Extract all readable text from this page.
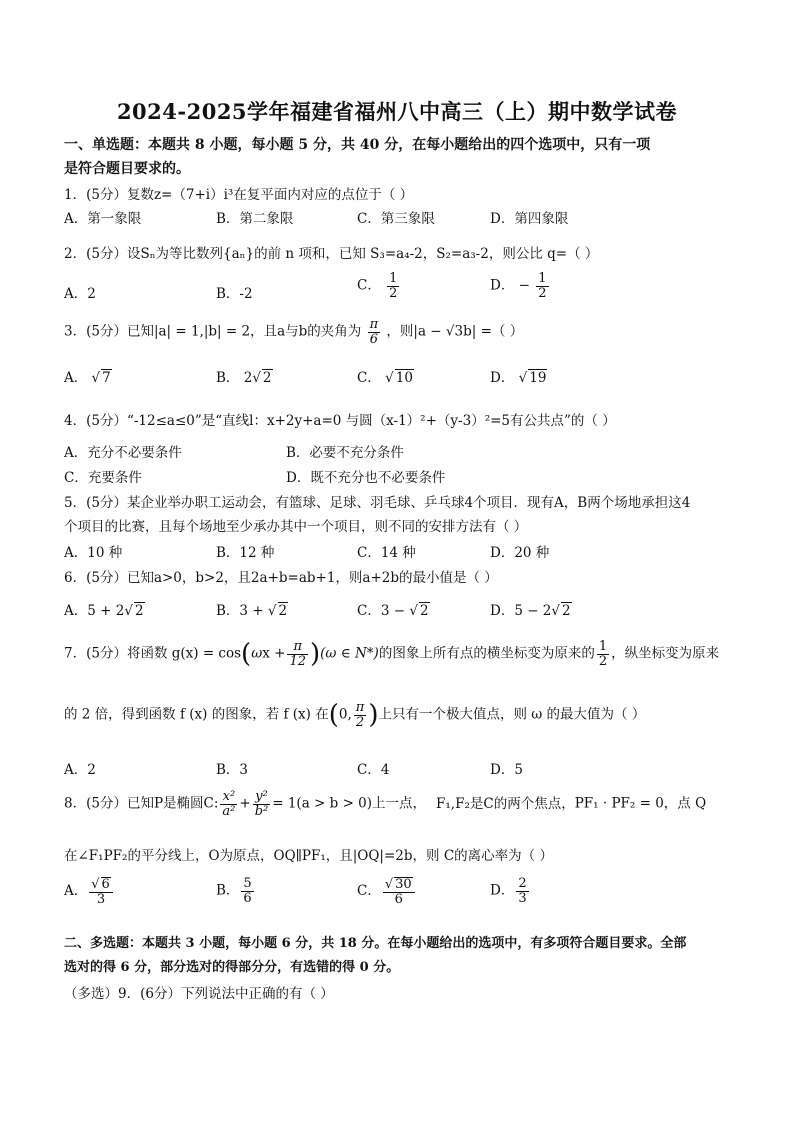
2024-2025学年福建省福州八中高三（上）期中数学试卷
一、单选题：本题共 8 小题，每小题 5 分，共 40 分，在每小题给出的四个选项中，只有一项
是符合题目要求的。
1．(5分）复数z=（7+i）i³在复平面内对应的点位于（ ）
A．第一象限	B．第二象限	C．第三象限	D．第四象限
2．(5分）设Sₙ为等比数列{aₙ}的前 n 项和，已知 S₃=a₄-2，S₂=a₃-2，则公比 q=（ ）
A．2	B．-2
C． $\frac{1}{2}$	D． − $\frac{1}{2}$
3．(5分）已知|a| = 1,|b| = 2，且a与b的夹角为 $\frac{\pi}{6}$ ，则|a − √3b| =（ ）
A． √ 7	B． 2√ 2	C． √ 10	D． √ 19
4．(5分）“-12≤a≤0”是“直线l：x+2y+a=0 与圆（x-1）²+（y-3）²=5有公共点”的（ ）
A．充分不必要条件	B．必要不充分条件
C．充要条件	D．既不充分也不必要条件
5．(5分）某企业举办职工运动会，有篮球、足球、羽毛球、乒乓球4个项目．现有A，B两个场地承担这4
个项目的比赛，且每个场地至少承办其中一个项目，则不同的安排方法有（ ）
A．10 种	B．12 种	C．14 种	D．20 种
6．(5分）已知a>0，b>2，且2a+b=ab+1，则a+2b的最小值是（ ）
A．5 + 2√ 2	B．3 + √ 2	C．3 − √ 2	D．5 − 2√ 2
7．(5分）将函数 $g(x) = \cos(\omega x + \frac{\pi}{12} )(\omega$ ∈ N*)的图象上所有点的横坐标变为原来的 $\frac{1}{2}$ ，纵坐标变为原来
的 2 倍，得到函数 f (x) 的图象，若 f (x) 在(0, $\frac{\pi}{2}$ )上只有一个极大值点，则 ω 的最大值为（ ）
A．2	B．3	C．4	D．5
8．(5分）已知P是椭圆C: $\frac{\text{x²}}{\text{a²}} + \frac{\text{y²}}{\text{b²}} = 1(a > b > 0)$上一点， F₁,F₂是C的两个焦点，PF₁ · PF₂ = 0，点 Q
在∠F₁PF₂的平分线上，O为原点，OQ∥PF₁，且|OQ|=2b，则 C的离心率为（ ）
A． $\frac{√ 6}{3}$	B． $\frac{5}{6}$	C． $\frac{√ 30}{6}$	D． $\frac{2}{3}$
二、多选题：本题共 3 小题，每小题 6 分，共 18 分。在每小题给出的选项中，有多项符合题目要求。全部
选对的得 6 分，部分选对的得部分分，有选错的得 0 分。
（多选）9．(6分）下列说法中正确的有（ ）
